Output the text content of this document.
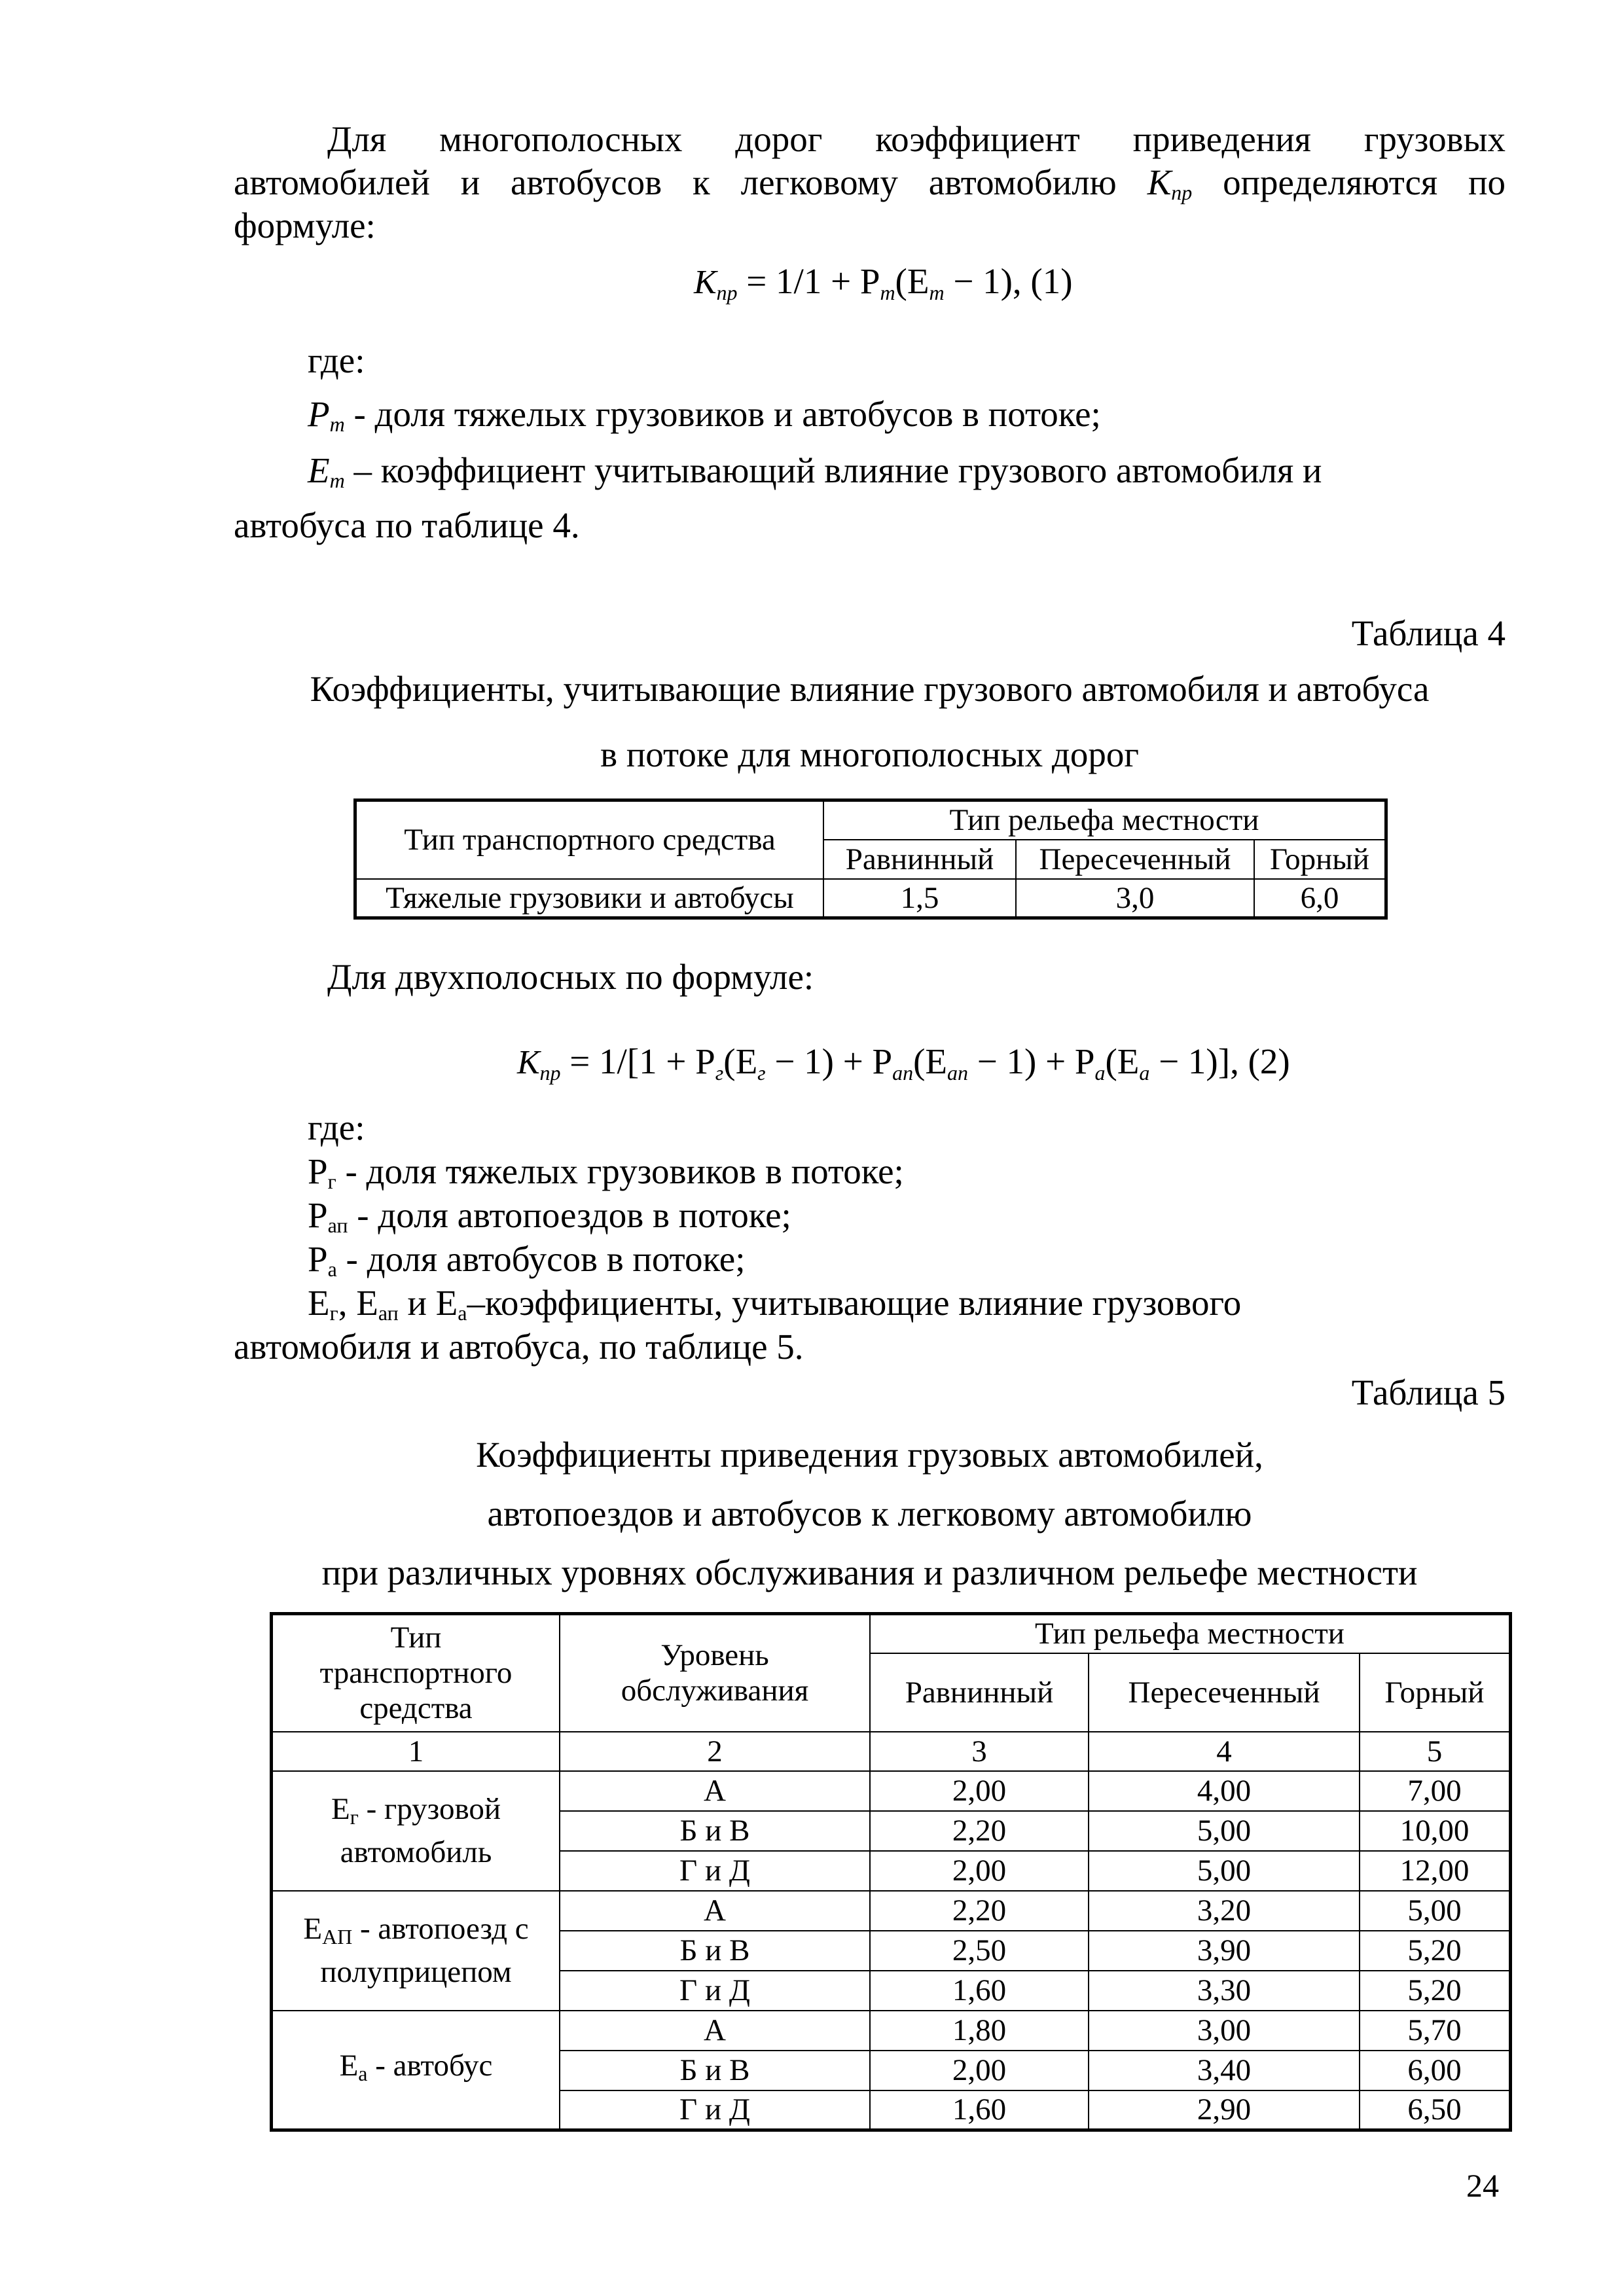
Для многополосных дорог коэффициент приведения грузовых
автомобилей и автобусов к легковому автомобилю $К_{пр}$ определяются по
формуле:
$К_{пр} = 1/1 + P_т(E_т - 1)$, (1)
где:
$P_т$ - доля тяжелых грузовиков и автобусов в потоке;
$E_т$ – коэффициент учитывающий влияние грузового автомобиля и
автобуса по таблице 4.
Таблица 4
Коэффициенты, учитывающие влияние грузового автомобиля и автобуса
в потоке для многополосных дорог
Тип транспортного средства	Тип рельефа местности		
	Равнинный	Пересеченный	Горный
Тяжелые грузовики и автобусы	1,5	3,0	6,0
Для двухполосных по формуле:
$К_{пр} = 1/[1 + P_г(E_г - 1) + P_{ап}(E_{ап} - 1) + P_а(E_а - 1)]$, (2)
где:
$Р_г$ - доля тяжелых грузовиков в потоке;
$Р_{ап}$ - доля автопоездов в потоке;
$Р_а$ - доля автобусов в потоке;
$Е_г$, $Е_{ап}$ и $Е_а$–коэффициенты, учитывающие влияние грузового
автомобиля и автобуса, по таблице 5.
Таблица 5
Коэффициенты приведения грузовых автомобилей,
автопоездов и автобусов к легковому автомобилю
при различных уровнях обслуживания и различном рельефе местности
Тип
транспортного
средства	Уровень
обслуживания	Тип рельефа местности		
		Равнинный	Пересеченный	Горный
1	2	3	4	5
$Е_г$ - грузовой
автомобиль	А	2,00	4,00	7,00
	Б и В	2,20	5,00	10,00
	Г и Д	2,00	5,00	12,00
$Е_{АП}$ - автопоезд с
полуприцепом	А	2,20	3,20	5,00
	Б и В	2,50	3,90	5,20
	Г и Д	1,60	3,30	5,20
$Е_а$ - автобус	А	1,80	3,00	5,70
	Б и В	2,00	3,40	6,00
	Г и Д	1,60	2,90	6,50
24
